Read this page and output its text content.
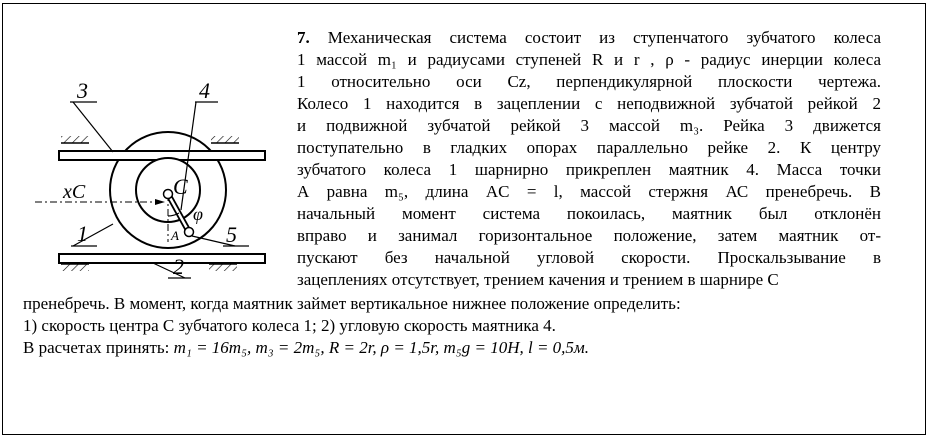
3	4
xC
1
C
φ
A 5
2
7. Механическая система состоит из ступенчатого зубчатого колеса
1 массой m₁ и радиусами ступеней R и r , ρ - радиус инерции колеса
1 относительно оси Cz, перпендикулярной плоскости чертежа.
Колесо 1 находится в зацеплении с неподвижной зубчатой рейкой 2
и подвижной зубчатой рейкой 3 массой m₃. Рейка 3 движется
поступательно в гладких опорах параллельно рейке 2. К центру
зубчатого колеса 1 шарнирно прикреплен маятник 4. Масса точки
А равна m₅, длина AC = l, массой стержня АС пренебречь. В
начальный момент система покоилась, маятник был отклонён
вправо и занимал горизонтальное положение, затем маятник от-
пускают без начальной угловой скорости. Проскальзывание в
зацеплениях отсутствует, трением качения и трением в шарнире С
пренебречь. В момент, когда маятник займет вертикальное нижнее положение определить:
1) скорость центра С зубчатого колеса 1; 2) угловую скорость маятника 4.
В расчетах принять: m₁ = 16m₅, m₃ = 2m₅, R = 2r, ρ = 1,5r, m₅g = 10H, l = 0,5м.
